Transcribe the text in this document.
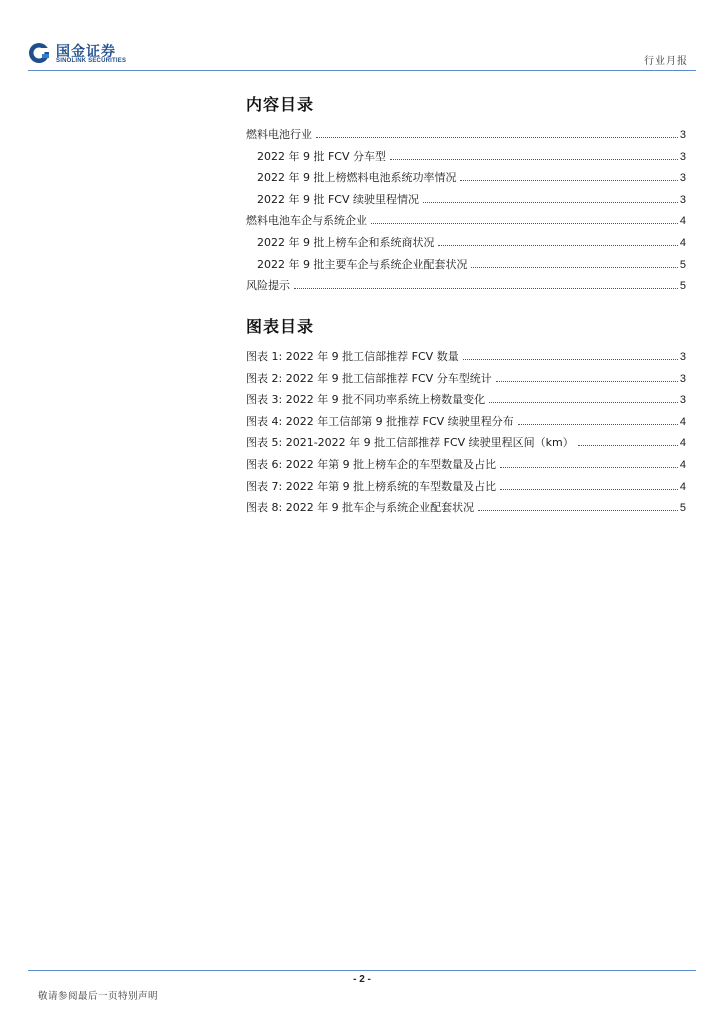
国金证券
SINOLINK SECURITIES	行业月报
内容目录
燃料电池行业	3
2022 年 9 批 FCV 分车型	3
2022 年 9 批上榜燃料电池系统功率情况	3
2022 年 9 批 FCV 续驶里程情况	3
燃料电池车企与系统企业	4
2022 年 9 批上榜车企和系统商状况	4
2022 年 9 批主要车企与系统企业配套状况	5
风险提示	5
图表目录
图表 1: 2022 年 9 批工信部推荐 FCV 数量	3
图表 2: 2022 年 9 批工信部推荐 FCV 分车型统计	3
图表 3: 2022 年 9 批不同功率系统上榜数量变化	3
图表 4: 2022 年工信部第 9 批推荐 FCV 续驶里程分布	4
图表 5: 2021-2022 年 9 批工信部推荐 FCV 续驶里程区间（km）	4
图表 6: 2022 年第 9 批上榜车企的车型数量及占比	4
图表 7: 2022 年第 9 批上榜系统的车型数量及占比	4
图表 8: 2022 年 9 批车企与系统企业配套状况	5
- 2 -
敬请参阅最后一页特别声明
